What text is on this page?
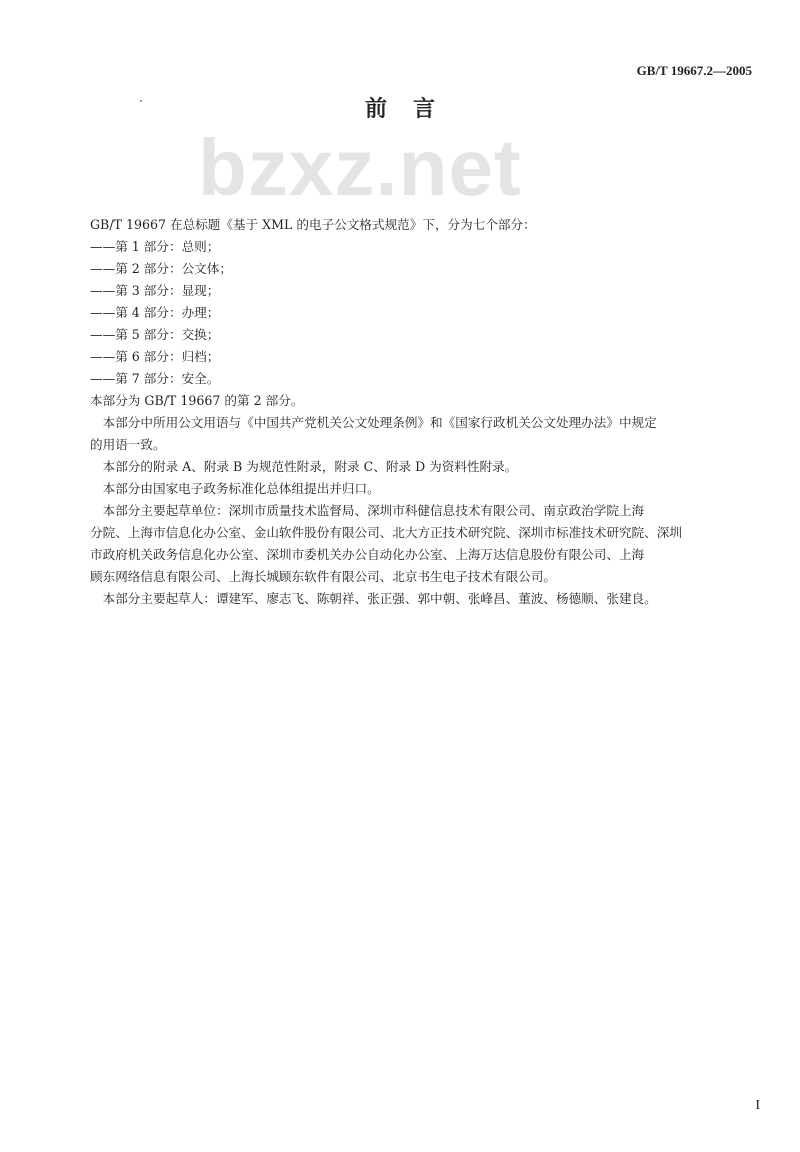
GB/T 19667.2—2005
bzxz.net
前言
GB/T 19667 在总标题《基于 XML 的电子公文格式规范》下，分为七个部分：
——第 1 部分：总则；
——第 2 部分：公文体；
——第 3 部分：显现；
——第 4 部分：办理；
——第 5 部分：交换；
——第 6 部分：归档；
——第 7 部分：安全。
本部分为 GB/T 19667 的第 2 部分。
　本部分中所用公文用语与《中国共产党机关公文处理条例》和《国家行政机关公文处理办法》中规定
的用语一致。
　本部分的附录 A、附录 B 为规范性附录，附录 C、附录 D 为资料性附录。
　本部分由国家电子政务标准化总体组提出并归口。
　本部分主要起草单位：深圳市质量技术监督局、深圳市科健信息技术有限公司、南京政治学院上海
分院、上海市信息化办公室、金山软件股份有限公司、北大方正技术研究院、深圳市标准技术研究院、深圳
市政府机关政务信息化办公室、深圳市委机关办公自动化办公室、上海万达信息股份有限公司、上海
顾东网络信息有限公司、上海长城顾东软件有限公司、北京书生电子技术有限公司。
　本部分主要起草人：谭建军、廖志飞、陈朝祥、张正强、郭中朝、张峰昌、董波、杨德顺、张建良。
I
